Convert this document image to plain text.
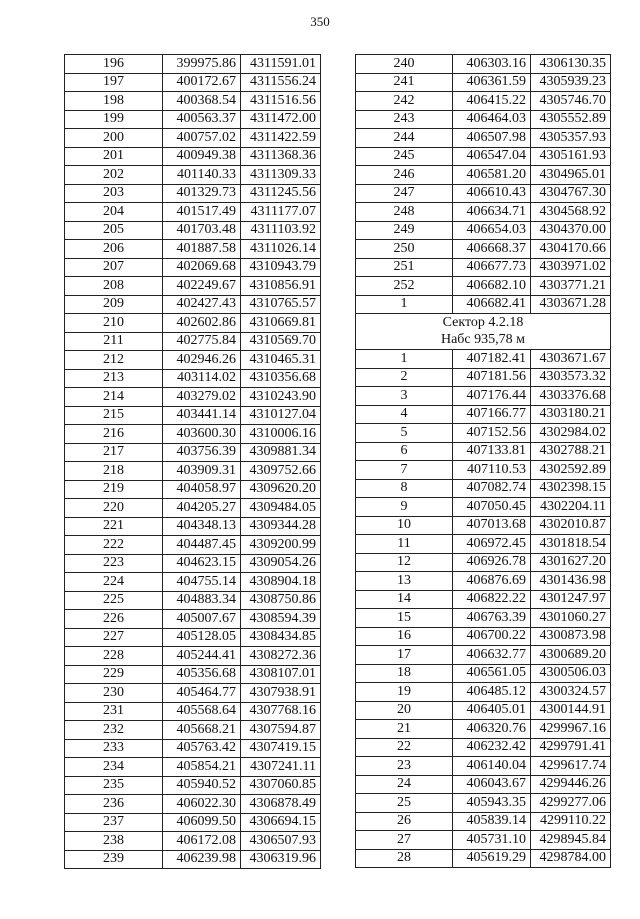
350
196	399975.86	4311591.01
197	400172.67	4311556.24
198	400368.54	4311516.56
199	400563.37	4311472.00
200	400757.02	4311422.59
201	400949.38	4311368.36
202	401140.33	4311309.33
203	401329.73	4311245.56
204	401517.49	4311177.07
205	401703.48	4311103.92
206	401887.58	4311026.14
207	402069.68	4310943.79
208	402249.67	4310856.91
209	402427.43	4310765.57
210	402602.86	4310669.81
211	402775.84	4310569.70
212	402946.26	4310465.31
213	403114.02	4310356.68
214	403279.02	4310243.90
215	403441.14	4310127.04
216	403600.30	4310006.16
217	403756.39	4309881.34
218	403909.31	4309752.66
219	404058.97	4309620.20
220	404205.27	4309484.05
221	404348.13	4309344.28
222	404487.45	4309200.99
223	404623.15	4309054.26
224	404755.14	4308904.18
225	404883.34	4308750.86
226	405007.67	4308594.39
227	405128.05	4308434.85
228	405244.41	4308272.36
229	405356.68	4308107.01
230	405464.77	4307938.91
231	405568.64	4307768.16
232	405668.21	4307594.87
233	405763.42	4307419.15
234	405854.21	4307241.11
235	405940.52	4307060.85
236	406022.30	4306878.49
237	406099.50	4306694.15
238	406172.08	4306507.93
239	406239.98	4306319.96
240	406303.16	4306130.35
241	406361.59	4305939.23
242	406415.22	4305746.70
243	406464.03	4305552.89
244	406507.98	4305357.93
245	406547.04	4305161.93
246	406581.20	4304965.01
247	406610.43	4304767.30
248	406634.71	4304568.92
249	406654.03	4304370.00
250	406668.37	4304170.66
251	406677.73	4303971.02
252	406682.10	4303771.21
1	406682.41	4303671.28
Сектор 4.2.18		
Набс 935,78 м		
1	407182.41	4303671.67
2	407181.56	4303573.32
3	407176.44	4303376.68
4	407166.77	4303180.21
5	407152.56	4302984.02
6	407133.81	4302788.21
7	407110.53	4302592.89
8	407082.74	4302398.15
9	407050.45	4302204.11
10	407013.68	4302010.87
11	406972.45	4301818.54
12	406926.78	4301627.20
13	406876.69	4301436.98
14	406822.22	4301247.97
15	406763.39	4301060.27
16	406700.22	4300873.98
17	406632.77	4300689.20
18	406561.05	4300506.03
19	406485.12	4300324.57
20	406405.01	4300144.91
21	406320.76	4299967.16
22	406232.42	4299791.41
23	406140.04	4299617.74
24	406043.67	4299446.26
25	405943.35	4299277.06
26	405839.14	4299110.22
27	405731.10	4298945.84
28	405619.29	4298784.00
